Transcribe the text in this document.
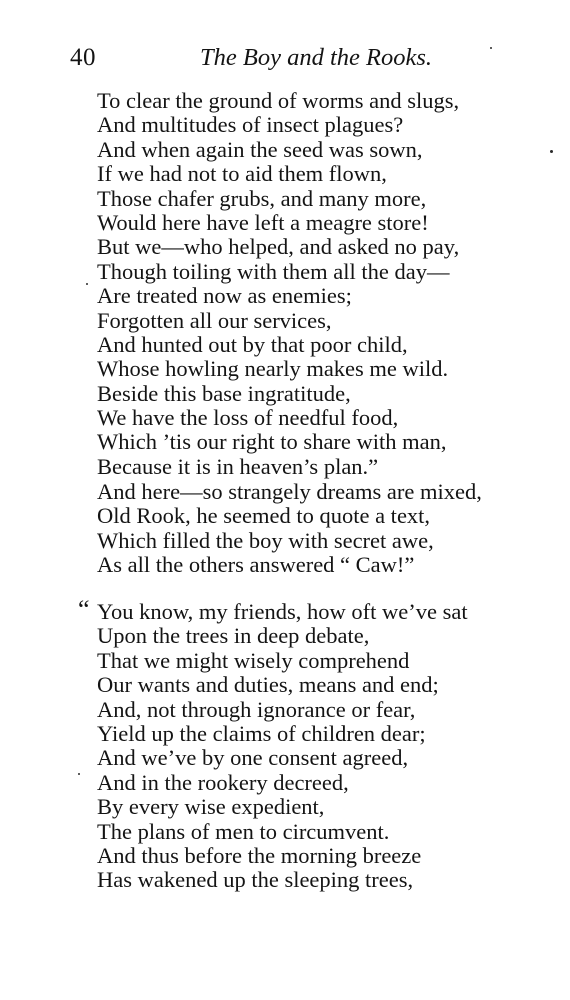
40	The Boy and the Rooks.
To clear the ground of worms and slugs,
And multitudes of insect plagues?
And when again the seed was sown,
If we had not to aid them flown,
Those chafer grubs, and many more,
Would here have left a meagre store!
But we—who helped, and asked no pay,
Though toiling with them all the day—
Are treated now as enemies;
Forgotten all our services,
And hunted out by that poor child,
Whose howling nearly makes me wild.
Beside this base ingratitude,
We have the loss of needful food,
Which ’tis our right to share with man,
Because it is in heaven’s plan.”
And here—so strangely dreams are mixed,
Old Rook, he seemed to quote a text,
Which filled the boy with secret awe,
As all the others answered “ Caw!”
“ You know, my friends, how oft we’ve sat
Upon the trees in deep debate,
That we might wisely comprehend
Our wants and duties, means and end;
And, not through ignorance or fear,
Yield up the claims of children dear;
And we’ve by one consent agreed,
And in the rookery decreed,
By every wise expedient,
The plans of men to circumvent.
And thus before the morning breeze
Has wakened up the sleeping trees,
